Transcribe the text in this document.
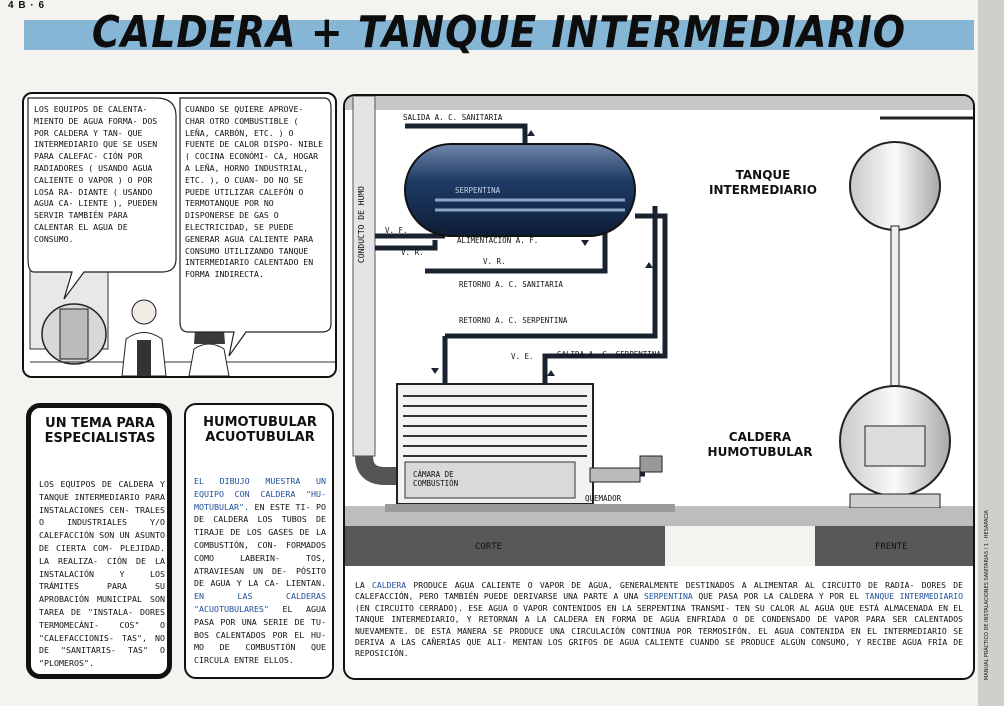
4 B · 6
CALDERA + TANQUE INTERMEDIARIO
LOS EQUIPOS DE CALENTA- MIENTO DE AGUA FORMA- DOS POR CALDERA Y TAN- QUE INTERMEDIARIO QUE SE USEN PARA CALEFAC- CIÓN POR RADIADORES ( USANDO AGUA CALIENTE O VAPOR ) O POR LOSA RA- DIANTE ( USANDO AGUA CA- LIENTE ), PUEDEN SERVIR TAMBIÉN PARA CALENTAR EL AGUA DE CONSUMO.
CUANDO SE QUIERE APROVE- CHAR OTRO COMBUSTIBLE ( LEÑA, CARBÓN, ETC. ) O FUENTE DE CALOR DISPO- NIBLE ( COCINA ECONÓMI- CA, HOGAR A LEÑA, HORNO INDUSTRIAL, ETC. ), O CUAN- DO NO SE PUEDE UTILIZAR CALEFÓN O TERMOTANQUE POR NO DISPONERSE DE GAS O ELECTRICIDAD, SE PUEDE GENERAR AGUA CALIENTE PARA CONSUMO UTILIZANDO TANQUE INTERMEDIARIO CALENTADO EN FORMA INDIRECTA.
UN TEMA PARA ESPECIALISTAS
LOS EQUIPOS DE CALDERA Y TANQUE INTERMEDIARIO PARA INSTALACIONES CEN- TRALES O INDUSTRIALES Y/O CALEFACCIÓN SON UN ASUNTO DE CIERTA COM- PLEJIDAD. LA REALIZA- CIÓN DE LA INSTALACIÓN Y LOS TRÁMITES PARA SU APROBACIÓN MUNICIPAL SON TAREA DE "INSTALA- DORES TERMOMECÁNI- COS" O "CALEFACCIONIS- TAS", NO DE "SANITARIS- TAS" O "PLOMEROS".
HUMOTUBULAR ACUOTUBULAR
EL DIBUJO MUESTRA UN EQUIPO CON CALDERA "HU- MOTUBULAR". EN ESTE TI- PO DE CALDERA LOS TUBOS DE TIRAJE DE LOS GASES DE LA COMBUSTIÓN, CON- FORMADOS COMO LABERIN- TOS, ATRAVIESAN UN DE- PÓSITO DE AGUA Y LA CA- LIENTAN. EN LAS CALDERAS "ACUOTUBULARES" EL AGUA PASA POR UNA SERIE DE TU- BOS CALENTADOS POR EL HU- MO DE COMBUSTIÓN QUE CIRCULA ENTRE ELLOS.
SALIDA A. C. SANITARIA
CONDUCTO DE HUMO	SERPENTINA
TANQUE INTERMEDIARIO
V. F.
V. R.
ALIMENTACIÓN A. F.
V. R.
RETORNO A. C. SANITARIA
RETORNO A. C. SERPENTINA
V. E.	SALIDA A. C. SERPENTINA
CÁMARA DE COMBUSTIÓN
QUEMADOR
CALDERA HUMOTUBULAR
CORTE	FRENTE
LA CALDERA PRODUCE AGUA CALIENTE O VAPOR DE AGUA, GENERALMENTE DESTINADOS A ALIMENTAR AL CIRCUITO DE RADIA- DORES DE CALEFACCIÓN, PERO TAMBIÉN PUEDE DERIVARSE UNA PARTE A UNA SERPENTINA QUE PASA POR LA CALDERA Y POR EL TANQUE INTERMEDIARIO (EN CIRCUITO CERRADO). ESE AGUA O VAPOR CONTENIDOS EN LA SERPENTINA TRANSMI- TEN SU CALOR AL AGUA QUE ESTÁ ALMACENADA EN EL TANQUE INTERMEDIARIO, Y RETORNAN A LA CALDERA EN FORMA DE AGUA ENFRIADA O DE CONDENSADO DE VAPOR PARA SER CALENTADOS NUEVAMENTE. DE ESTA MANERA SE PRODUCE UNA CIRCULACIÓN CONTINUA POR TERMOSIFÓN. EL AGUA CONTENIDA EN EL INTERMEDIARIO SE DERIVA A LAS CAÑERÍAS QUE ALI- MENTAN LOS GRIFOS DE AGUA CALIENTE CUANDO SE PRODUCE ALGÚN CONSUMO, Y RECIBE AGUA FRÍA DE REPOSICIÓN.	MANUAL PRÁCTICO DE INSTALACIONES SANITARIAS / 1 · HESAPACIA
